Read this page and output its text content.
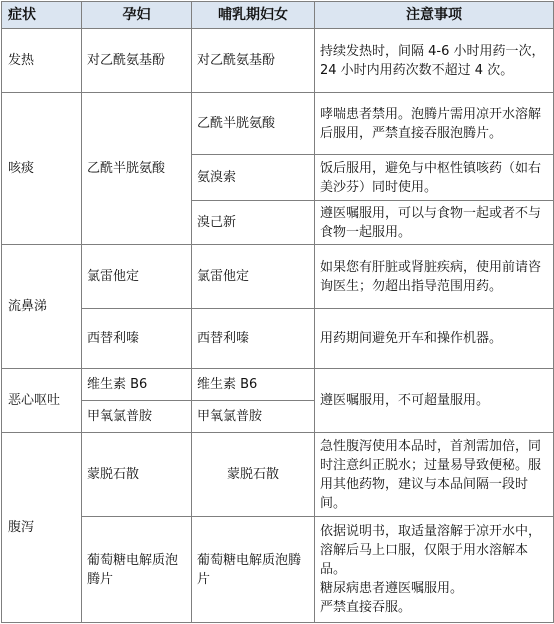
症状	孕妇	哺乳期妇女	注意事项
发热	对乙酰氨基酚	对乙酰氨基酚	持续发热时，间隔 4-6 小时用药一次，24 小时内用药次数不超过 4 次。
咳痰	乙酰半胱氨酸	乙酰半胱氨酸	哮喘患者禁用。泡腾片需用凉开水溶解后服用，严禁直接吞服泡腾片。
		氨溴索	饭后服用，避免与中枢性镇咳药（如右美沙芬）同时使用。
		溴己新	遵医嘱服用，可以与食物一起或者不与食物一起服用。
流鼻涕	氯雷他定	氯雷他定	如果您有肝脏或肾脏疾病，使用前请咨询医生；勿超出指导范围用药。
	西替利嗪	西替利嗪	用药期间避免开车和操作机器。
恶心呕吐	维生素 B6	维生素 B6	遵医嘱服用，不可超量服用。
	甲氧氯普胺	甲氧氯普胺	
腹泻	蒙脱石散	蒙脱石散	急性腹泻使用本品时，首剂需加倍，同时注意纠正脱水；过量易导致便秘。服用其他药物，建议与本品间隔一段时间。
	葡萄糖电解质泡腾片	葡萄糖电解质泡腾片	依据说明书，取适量溶解于凉开水中，溶解后马上口服，仅限于用水溶解本品。
糖尿病患者遵医嘱服用。
严禁直接吞服。
